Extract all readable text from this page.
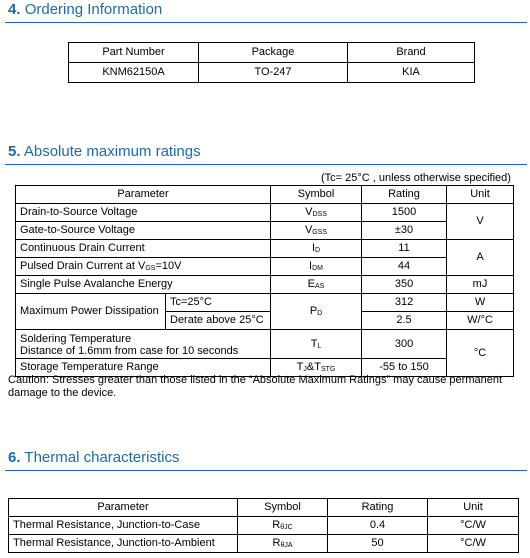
4. Ordering Information
Part Number	Package	Brand
KNM62150A	TO-247	KIA
5. Absolute maximum ratings
(Tc= 25°C , unless otherwise specified)
Parameter		Symbol	Rating	Unit
Drain-to-Source Voltage		$V_{DSS}$	1500	V
Gate-to-Source Voltage		$V_{GSS}$	±30	
Continuous Drain Current		$I_D$	11	A
Pulsed Drain Current at $V_{GS}=10V$		$I_{DM}$	44	
Single Pulse Avalanche Energy		$E_{AS}$	350	mJ
Maximum Power Dissipation	Tc=25°C	$P_D$	312	W
	Derate above 25°C		2.5	W/°C
Soldering Temperature
Distance of 1.6mm from case for 10 seconds		$T_L$	300	°C
Storage Temperature Range		$T_J\&T_{STG}$	-55 to 150	
Caution: Stresses greater than those listed in the “Absolute Maximum Ratings” may cause permanent damage to the device.
6. Thermal characteristics
Parameter	Symbol	Rating	Unit
Thermal Resistance, Junction-to-Case	$R_{\theta JC}$	0.4	°C/W
Thermal Resistance, Junction-to-Ambient	$R_{\theta JA}$	50	°C/W
